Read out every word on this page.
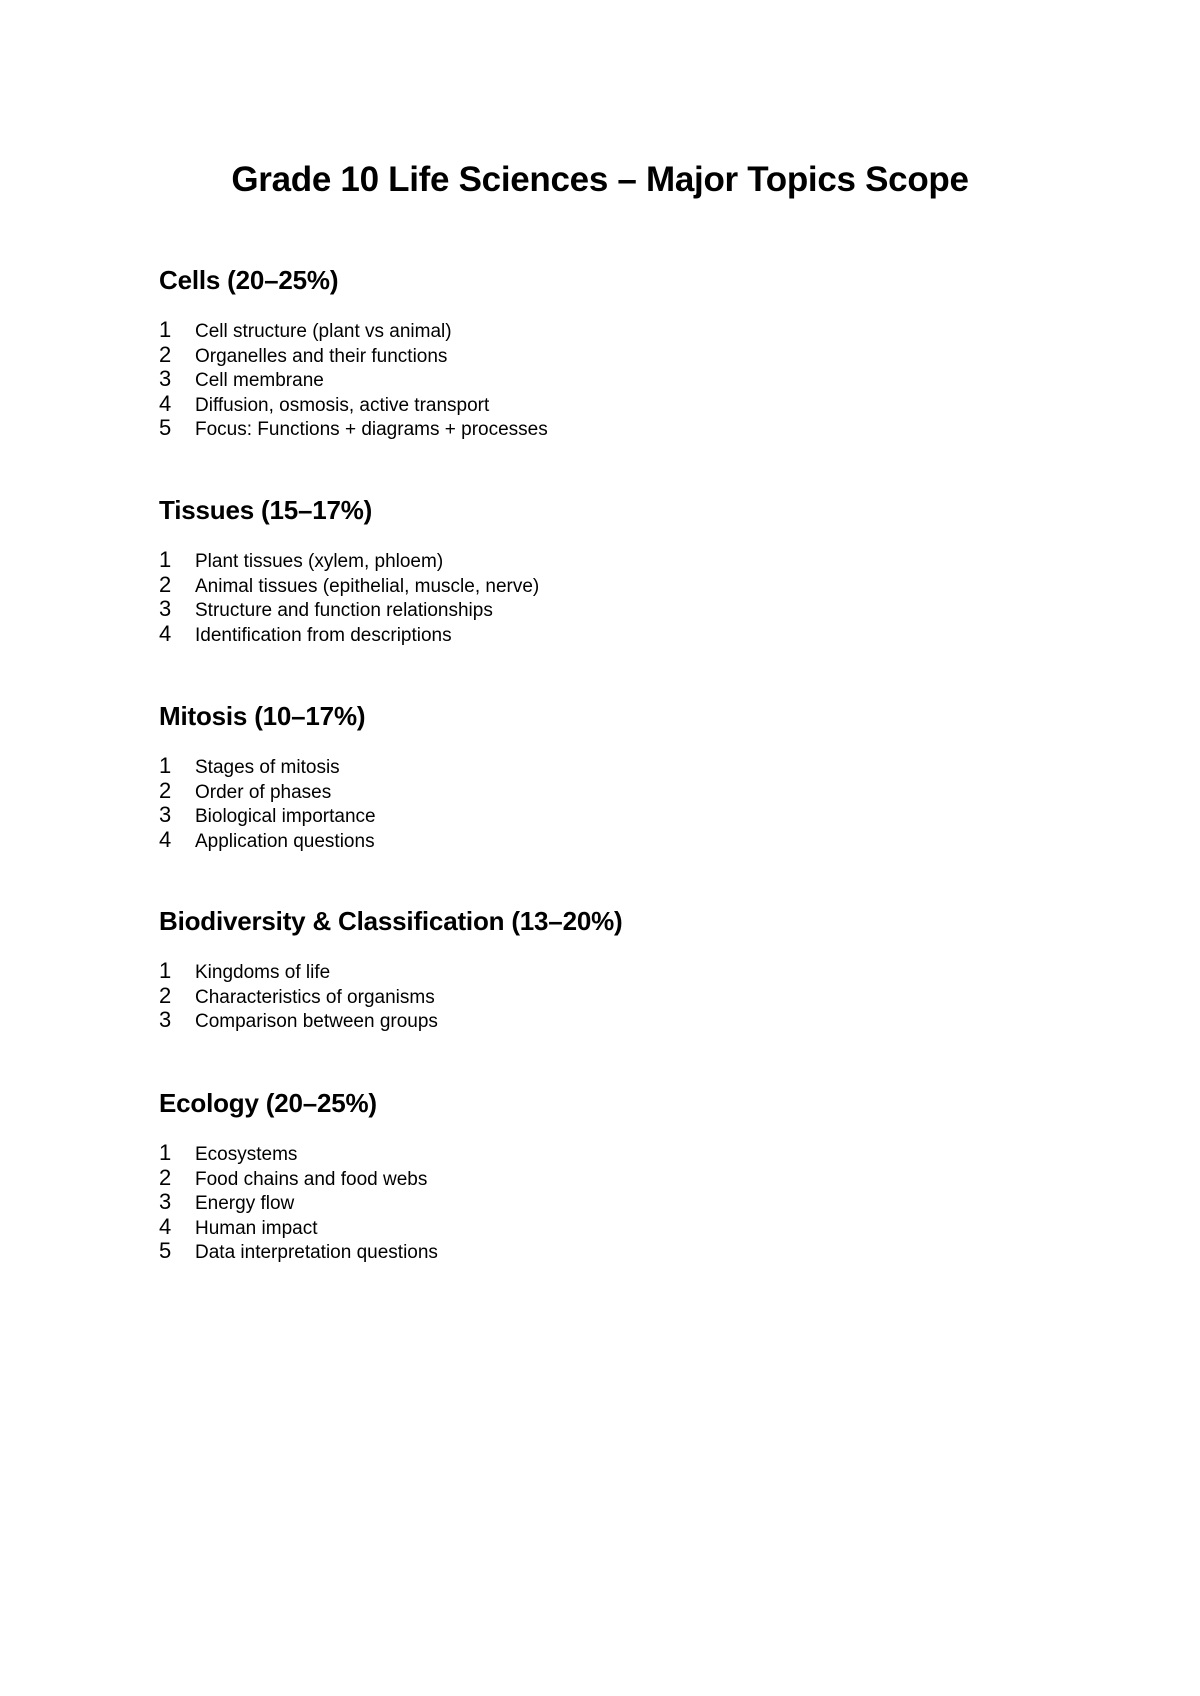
Grade 10 Life Sciences – Major Topics Scope
Cells (20–25%)
1	Cell structure (plant vs animal)
2	Organelles and their functions
3	Cell membrane
4	Diffusion, osmosis, active transport
5	Focus: Functions + diagrams + processes
Tissues (15–17%)
1	Plant tissues (xylem, phloem)
2	Animal tissues (epithelial, muscle, nerve)
3	Structure and function relationships
4	Identification from descriptions
Mitosis (10–17%)
1	Stages of mitosis
2	Order of phases
3	Biological importance
4	Application questions
Biodiversity & Classification (13–20%)
1	Kingdoms of life
2	Characteristics of organisms
3	Comparison between groups
Ecology (20–25%)
1	Ecosystems
2	Food chains and food webs
3	Energy flow
4	Human impact
5	Data interpretation questions
